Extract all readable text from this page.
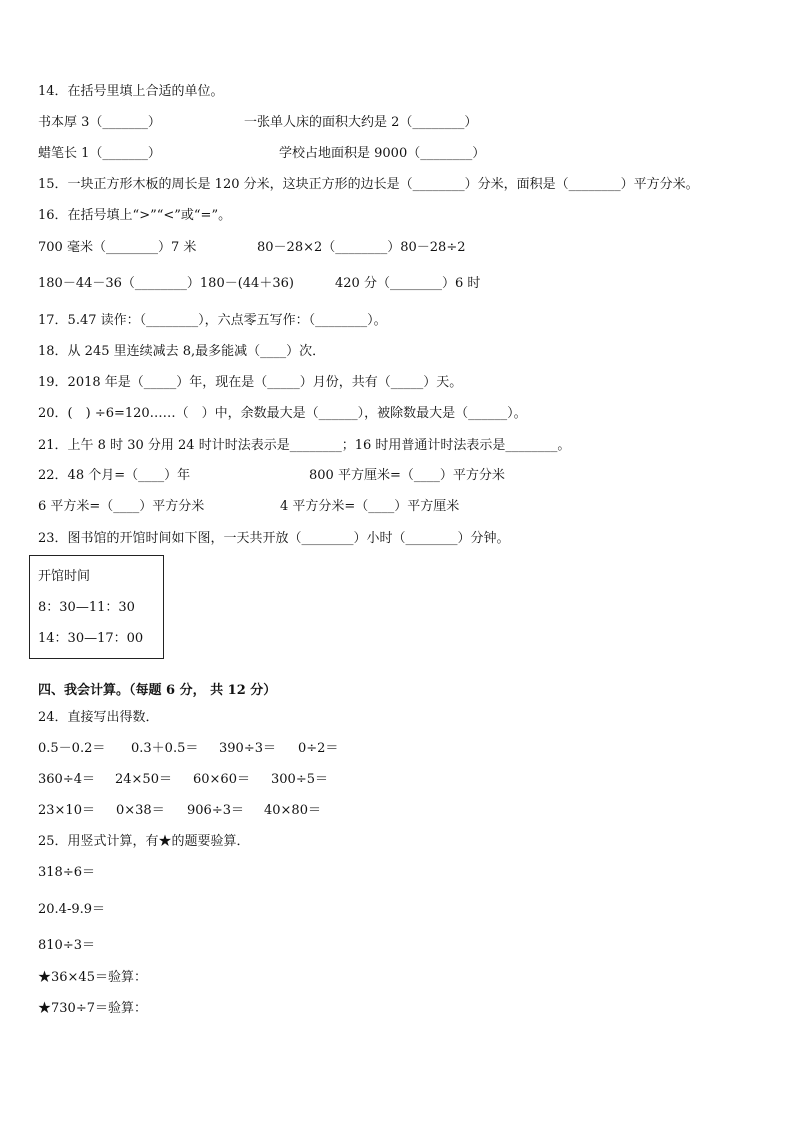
14．在括号里填上合适的单位。
书本厚 3（_______）	一张单人床的面积大约是 2（________）
蜡笔长 1（_______）	学校占地面积是 9000（________）
15．一块正方形木板的周长是 120 分米，这块正方形的边长是（________）分米，面积是（________）平方分米。
16．在括号填上“>”“<”或“=”。
700 毫米（________）7 米	80－28×2（________）80－28÷2
180－44－36（________）180－(44＋36)	420 分（________）6 时
17．5.47 读作：（________），六点零五写作：（________）。
18．从 245 里连续减去 8,最多能减（____）次．
19．2018 年是（_____）年，现在是（_____）月份，共有（_____）天。
20．(　) ÷6=120……（　）中，余数最大是（______），被除数最大是（______）。
21．上午 8 时 30 分用 24 时计时法表示是________；16 时用普通计时法表示是________。
22．48 个月=（____）年	800 平方厘米=（____）平方分米
6 平方米=（____）平方分米	4 平方分米=（____）平方厘米
23．图书馆的开馆时间如下图，一天共开放（________）小时（________）分钟。
开馆时间
8：30—11：30
14：30—17：00
四、我会计算。（每题 6 分， 共 12 分）
24．直接写出得数．
0.5－0.2＝ 0.3＋0.5＝ 390÷3＝ 0÷2＝
360÷4＝ 24×50＝ 60×60＝ 300÷5＝
23×10＝ 0×38＝ 906÷3＝ 40×80＝
25．用竖式计算，有★的题要验算．
318÷6＝
20.4-9.9＝
810÷3＝
★36×45＝验算：
★730÷7＝验算：
